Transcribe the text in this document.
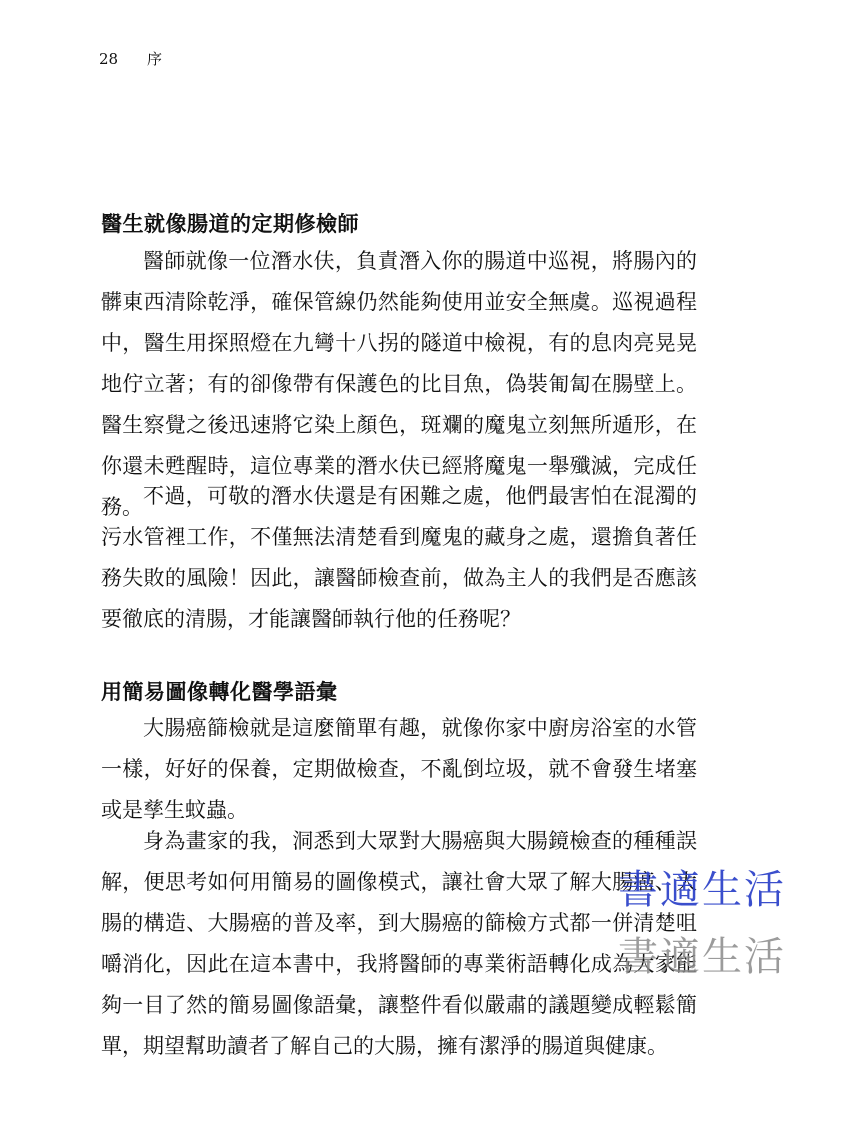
28 序
醫生就像腸道的定期修檢師

醫師就像一位潛水伕，負責潛入你的腸道中巡視，將腸內的髒東西清除乾淨，確保管線仍然能夠使用並安全無虞。巡視過程中，醫生用探照燈在九彎十八拐的隧道中檢視，有的息肉亮晃晃地佇立著；有的卻像帶有保護色的比目魚，偽裝匍匐在腸壁上。醫生察覺之後迅速將它染上顏色，斑斕的魔鬼立刻無所遁形，在你還未甦醒時，這位專業的潛水伕已經將魔鬼一舉殲滅，完成任務。 不過，可敬的潛水伕還是有困難之處，他們最害怕在混濁的污水管裡工作，不僅無法清楚看到魔鬼的藏身之處，還擔負著任務失敗的風險！因此，讓醫師檢查前，做為主人的我們是否應該要徹底的清腸，才能讓醫師執行他的任務呢？

用簡易圖像轉化醫學語彙

大腸癌篩檢就是這麼簡單有趣，就像你家中廚房浴室的水管一樣，好好的保養，定期做檢查，不亂倒垃圾，就不會發生堵塞或是孳生蚊蟲。

身為畫家的我，洞悉到大眾對大腸癌與大腸鏡檢查的種種誤解，便思考如何用簡易的圖像模式，讓社會大眾了解大腸癌、大腸的構造、大腸癌的普及率，到大腸癌的篩檢方式都一併清楚咀嚼消化，因此在這本書中，我將醫師的專業術語轉化成為大家能夠一目了然的簡易圖像語彙，讓整件看似嚴肅的議題變成輕鬆簡單，期望幫助讀者了解自己的大腸，擁有潔淨的腸道與健康。

書適生活
書適生活
